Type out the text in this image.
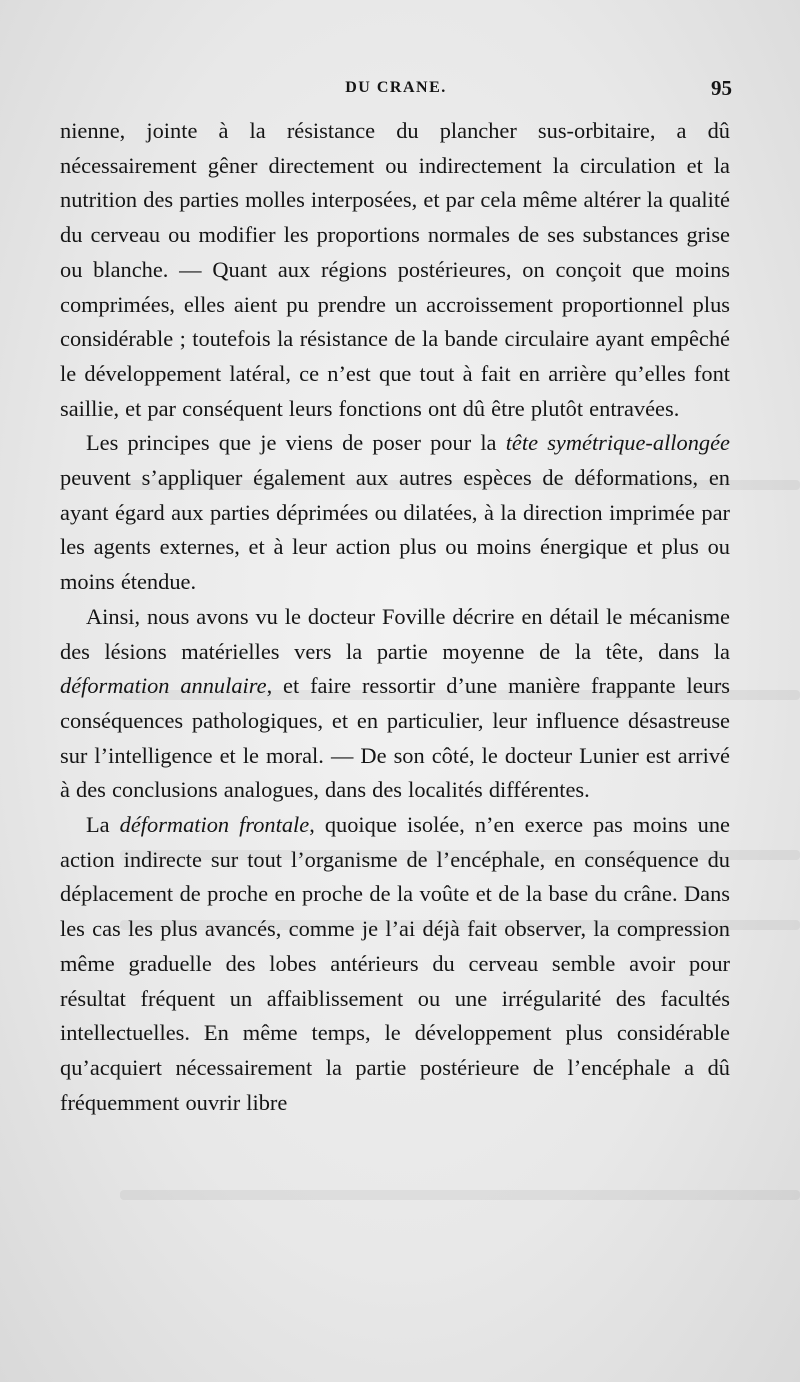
DU CRANE.	95

nienne, jointe à la résistance du plancher sus-orbitaire, a dû nécessairement gêner directement ou indirectement la circulation et la nutrition des parties molles interposées, et par cela même altérer la qualité du cerveau ou modifier les proportions normales de ses substances grise ou blanche. — Quant aux régions postérieures, on conçoit que moins comprimées, elles aient pu prendre un accroissement proportionnel plus considérable ; toutefois la résistance de la bande circulaire ayant empêché le développement latéral, ce n’est que tout à fait en arrière qu’elles font saillie, et par conséquent leurs fonctions ont dû être plutôt entravées.

Les principes que je viens de poser pour la tête symétrique-allongée peuvent s’appliquer également aux autres espèces de déformations, en ayant égard aux parties déprimées ou dilatées, à la direction imprimée par les agents externes, et à leur action plus ou moins énergique et plus ou moins étendue.

Ainsi, nous avons vu le docteur Foville décrire en détail le mécanisme des lésions matérielles vers la partie moyenne de la tête, dans la déformation annulaire, et faire ressortir d’une manière frappante leurs conséquences pathologiques, et en particulier, leur influence désastreuse sur l’intelligence et le moral. — De son côté, le docteur Lunier est arrivé à des conclusions analogues, dans des localités différentes.

La déformation frontale, quoique isolée, n’en exerce pas moins une action indirecte sur tout l’organisme de l’encéphale, en conséquence du déplacement de proche en proche de la voûte et de la base du crâne. Dans les cas les plus avancés, comme je l’ai déjà fait observer, la compression même graduelle des lobes antérieurs du cerveau semble avoir pour résultat fréquent un affaiblissement ou une irrégularité des facultés intellectuelles. En même temps, le développement plus considérable qu’acquiert nécessairement la partie postérieure de l’encéphale a dû fréquemment ouvrir libre
